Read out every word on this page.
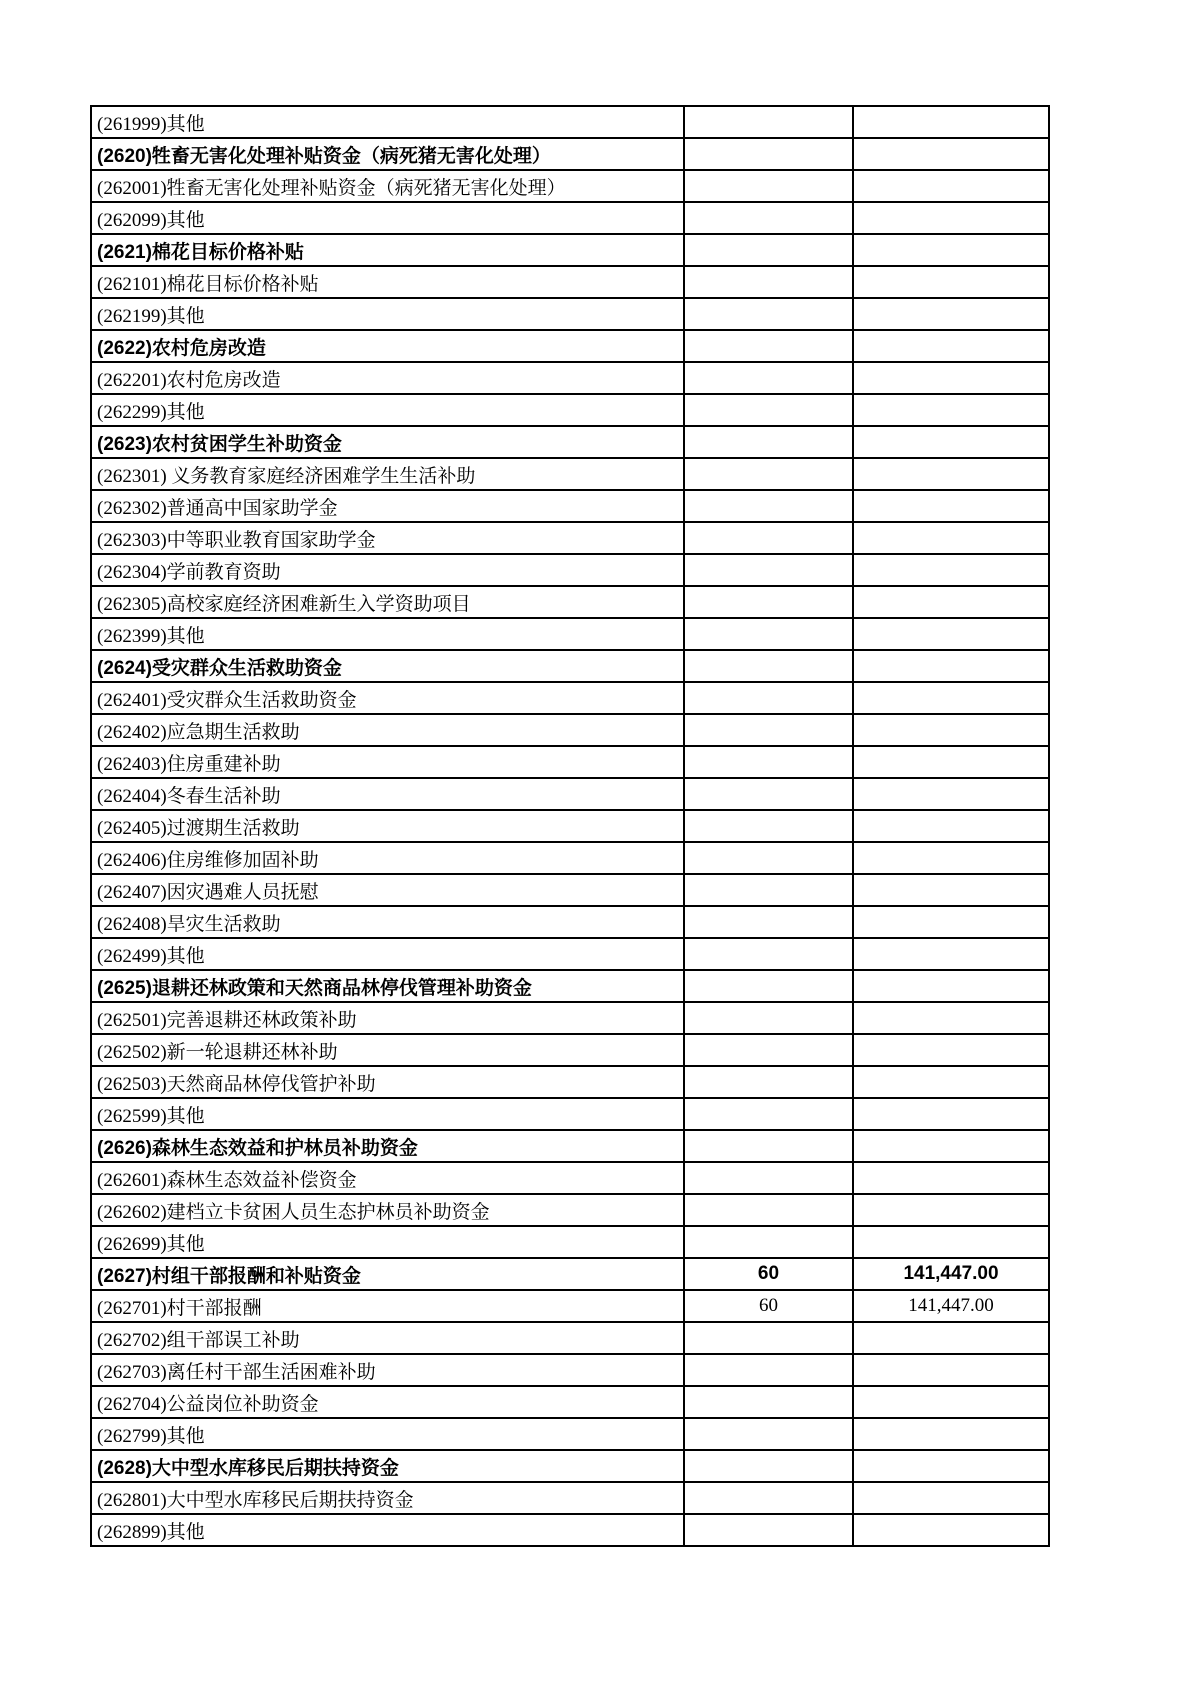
(261999)其他		
(2620)牲畜无害化处理补贴资金（病死猪无害化处理）		
(262001)牲畜无害化处理补贴资金（病死猪无害化处理）		
(262099)其他		
(2621)棉花目标价格补贴		
(262101)棉花目标价格补贴		
(262199)其他		
(2622)农村危房改造		
(262201)农村危房改造		
(262299)其他		
(2623)农村贫困学生补助资金		
(262301) 义务教育家庭经济困难学生生活补助		
(262302)普通高中国家助学金		
(262303)中等职业教育国家助学金		
(262304)学前教育资助		
(262305)高校家庭经济困难新生入学资助项目		
(262399)其他		
(2624)受灾群众生活救助资金		
(262401)受灾群众生活救助资金		
(262402)应急期生活救助		
(262403)住房重建补助		
(262404)冬春生活补助		
(262405)过渡期生活救助		
(262406)住房维修加固补助		
(262407)因灾遇难人员抚慰		
(262408)旱灾生活救助		
(262499)其他		
(2625)退耕还林政策和天然商品林停伐管理补助资金		
(262501)完善退耕还林政策补助		
(262502)新一轮退耕还林补助		
(262503)天然商品林停伐管护补助		
(262599)其他		
(2626)森林生态效益和护林员补助资金		
(262601)森林生态效益补偿资金		
(262602)建档立卡贫困人员生态护林员补助资金		
(262699)其他		
(2627)村组干部报酬和补贴资金	60	141,447.00
(262701)村干部报酬	60	141,447.00
(262702)组干部误工补助		
(262703)离任村干部生活困难补助		
(262704)公益岗位补助资金		
(262799)其他		
(2628)大中型水库移民后期扶持资金		
(262801)大中型水库移民后期扶持资金		
(262899)其他		
